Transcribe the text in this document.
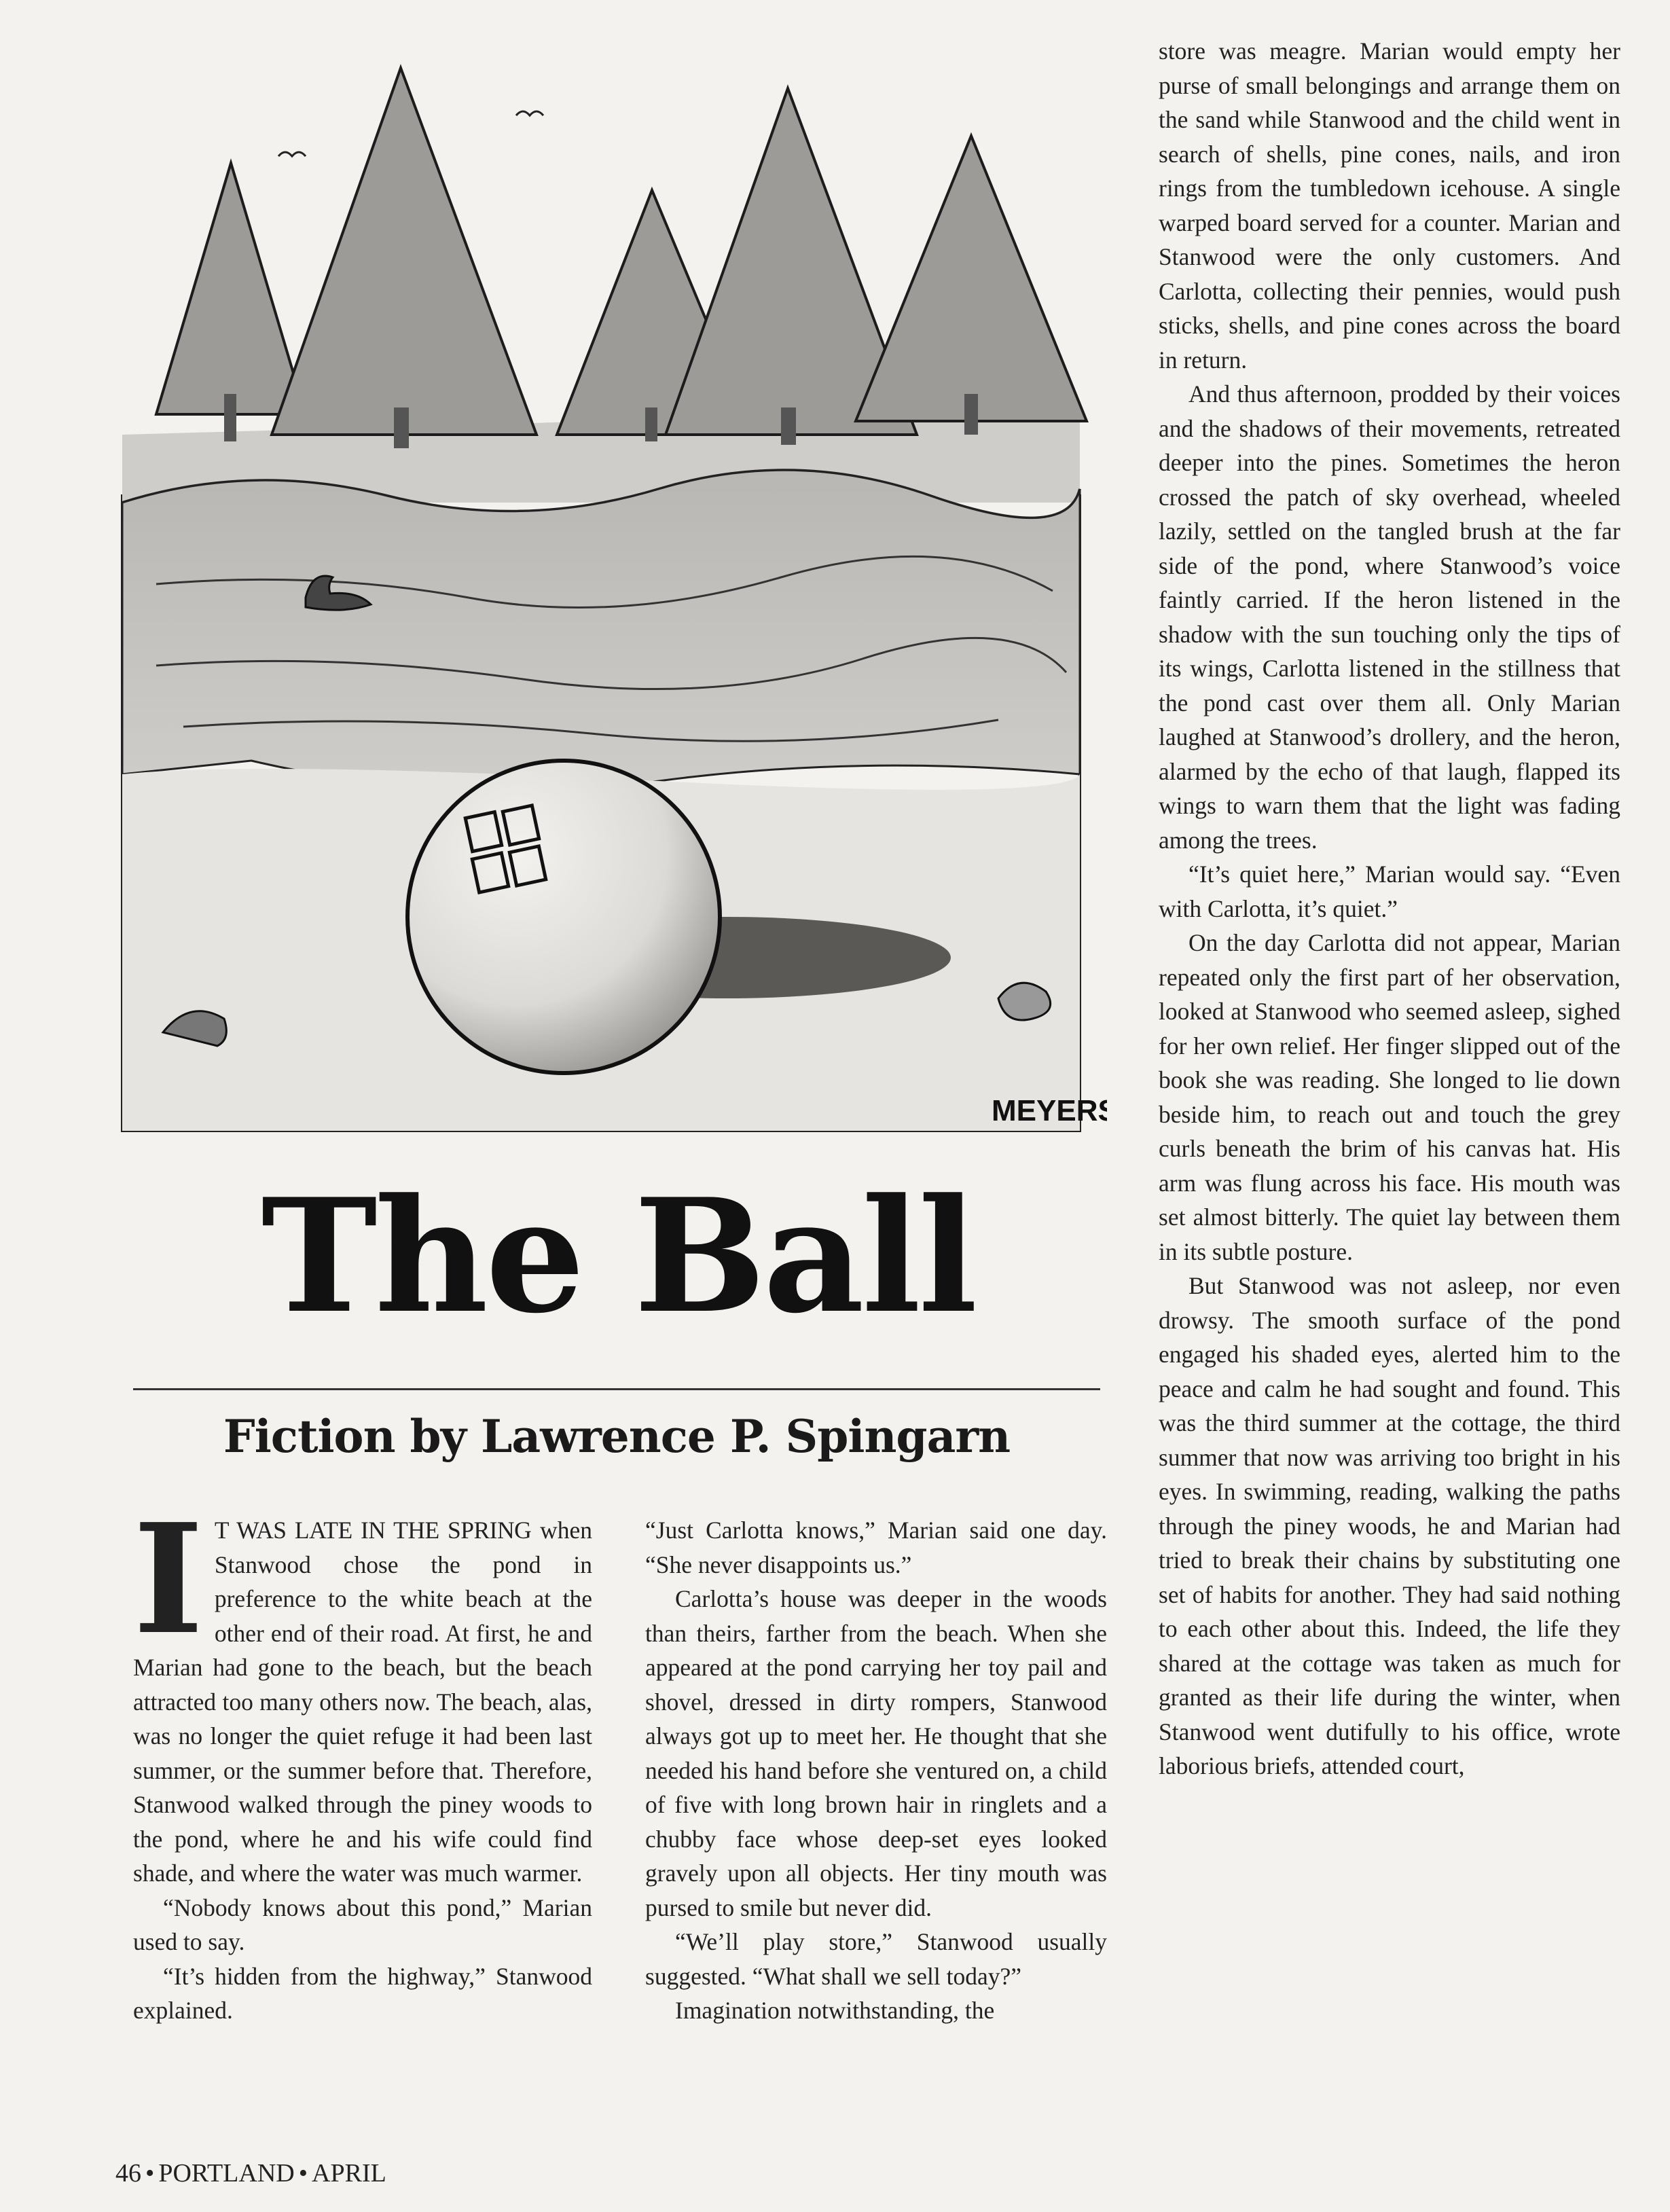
MEYERS
The Ball
Fiction by Lawrence P. Spingarn

I T WAS LATE IN THE SPRING when Stanwood chose the pond in preference to the white beach at the other end of their road. At first, he and Marian had gone to the beach, but the beach attracted too many others now. The beach, alas, was no longer the quiet refuge it had been last summer, or the summer before that. Therefore, Stanwood walked through the piney woods to the pond, where he and his wife could find shade, and where the water was much warmer.

“Nobody knows about this pond,” Marian used to say.

“It’s hidden from the highway,” Stanwood explained.

“Just Carlotta knows,” Marian said one day. “She never disappoints us.”

Carlotta’s house was deeper in the woods than theirs, farther from the beach. When she appeared at the pond carrying her toy pail and shovel, dressed in dirty rompers, Stanwood always got up to meet her. He thought that she needed his hand before she ventured on, a child of five with long brown hair in ringlets and a chubby face whose deep-set eyes looked gravely upon all objects. Her tiny mouth was pursed to smile but never did.

“We’ll play store,” Stanwood usually suggested. “What shall we sell today?”

Imagination notwithstanding, the

store was meagre. Marian would empty her purse of small belongings and arrange them on the sand while Stanwood and the child went in search of shells, pine cones, nails, and iron rings from the tumbledown icehouse. A single warped board served for a counter. Marian and Stanwood were the only customers. And Carlotta, collecting their pennies, would push sticks, shells, and pine cones across the board in return.

And thus afternoon, prodded by their voices and the shadows of their movements, retreated deeper into the pines. Sometimes the heron crossed the patch of sky overhead, wheeled lazily, settled on the tangled brush at the far side of the pond, where Stanwood’s voice faintly carried. If the heron listened in the shadow with the sun touching only the tips of its wings, Carlotta listened in the stillness that the pond cast over them all. Only Marian laughed at Stanwood’s drollery, and the heron, alarmed by the echo of that laugh, flapped its wings to warn them that the light was fading among the trees.

“It’s quiet here,” Marian would say. “Even with Carlotta, it’s quiet.”

On the day Carlotta did not appear, Marian repeated only the first part of her observation, looked at Stanwood who seemed asleep, sighed for her own relief. Her finger slipped out of the book she was reading. She longed to lie down beside him, to reach out and touch the grey curls beneath the brim of his canvas hat. His arm was flung across his face. His mouth was set almost bitterly. The quiet lay between them in its subtle posture.

But Stanwood was not asleep, nor even drowsy. The smooth surface of the pond engaged his shaded eyes, alerted him to the peace and calm he had sought and found. This was the third summer at the cottage, the third summer that now was arriving too bright in his eyes. In swimming, reading, walking the paths through the piney woods, he and Marian had tried to break their chains by substituting one set of habits for another. They had said nothing to each other about this. Indeed, the life they shared at the cottage was taken as much for granted as their life during the winter, when Stanwood went dutifully to his office, wrote laborious briefs, attended court,

46 • PORTLAND • APRIL
